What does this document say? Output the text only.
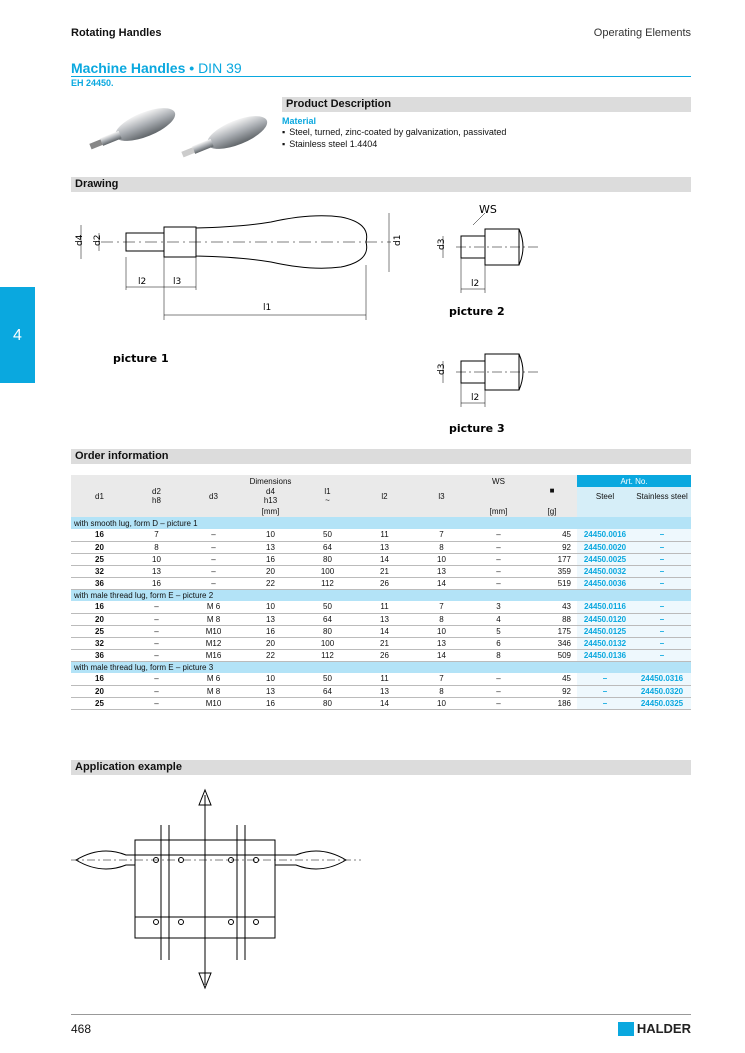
Rotating Handles	Operating Elements
Machine Handles • DIN 39
EH 24450.
4
Product Description
Material
▪ Steel, turned, zinc-coated by galvanization, passivated
▪ Stainless steel 1.4404
Drawing
d4 d2	d1
l2	l3
l1
d3
l2
WS
d3
l2
picture 1
picture 2
picture 3
Order information
Dimensions							WS	■	Art. No.	
d1	d2
h8	d3	d4
h13	l1
~	l2	l3			Steel	Stainless steel
[mm]							[mm]	[g]		
with smooth lug, form D – picture 1										
16	7	–	10	50	11	7	–	45	24450.0016	–
20	8	–	13	64	13	8	–	92	24450.0020	–
25	10	–	16	80	14	10	–	177	24450.0025	–
32	13	–	20	100	21	13	–	359	24450.0032	–
36	16	–	22	112	26	14	–	519	24450.0036	–
with male thread lug, form E – picture 2										
16	–	M 6	10	50	11	7	3	43	24450.0116	–
20	–	M 8	13	64	13	8	4	88	24450.0120	–
25	–	M10	16	80	14	10	5	175	24450.0125	–
32	–	M12	20	100	21	13	6	346	24450.0132	–
36	–	M16	22	112	26	14	8	509	24450.0136	–
with male thread lug, form E – picture 3										
16	–	M 6	10	50	11	7	–	45	–	24450.0316
20	–	M 8	13	64	13	8	–	92	–	24450.0320
25	–	M10	16	80	14	10	–	186	–	24450.0325
Application example
468	HALDER
